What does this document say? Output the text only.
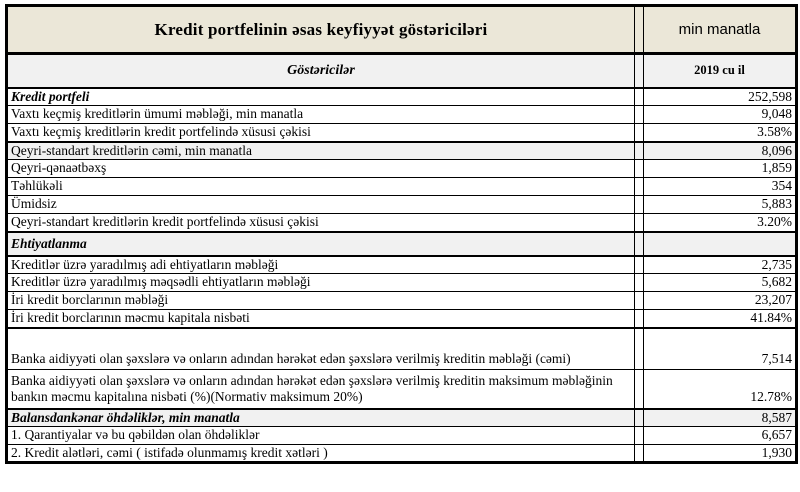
Kredit portfelinin əsas keyfiyyət göstəriciləri		min manatla
Göstəricilər		2019 cu il
Kredit portfeli		252,598
Vaxtı keçmiş kreditlərin ümumi məbləği, min manatla		9,048
Vaxtı keçmiş kreditlərin kredit portfelində xüsusi çəkisi		3.58%
Qeyri-standart kreditlərin cəmi, min manatla		8,096
Qeyri-qənaətbəxş		1,859
Təhlükəli		354
Ümidsiz		5,883
Qeyri-standart kreditlərin kredit portfelində xüsusi çəkisi		3.20%
Ehtiyatlanma		
Kreditlər üzrə yaradılmış adi ehtiyatların məbləği		2,735
Kreditlər üzrə yaradılmış məqsədli ehtiyatların məbləği		5,682
İri kredit borclarının məbləği		23,207
İri kredit borclarının məcmu kapitala nisbəti		41.84%
Banka aidiyyəti olan şəxslərə və onların adından hərəkət edən şəxslərə verilmiş kreditin məbləği (cəmi)		7,514
Banka aidiyyəti olan şəxslərə və onların adından hərəkət edən şəxslərə verilmiş kreditin maksimum məbləğinin bankın məcmu kapitalına nisbəti (%)(Normativ maksimum 20%)		12.78%
Balansdankənar öhdəliklər, min manatla		8,587
1. Qarantiyalar və bu qəbildən olan öhdəliklər		6,657
2. Kredit alətləri, cəmi ( istifadə olunmamış kredit xətləri )		1,930
